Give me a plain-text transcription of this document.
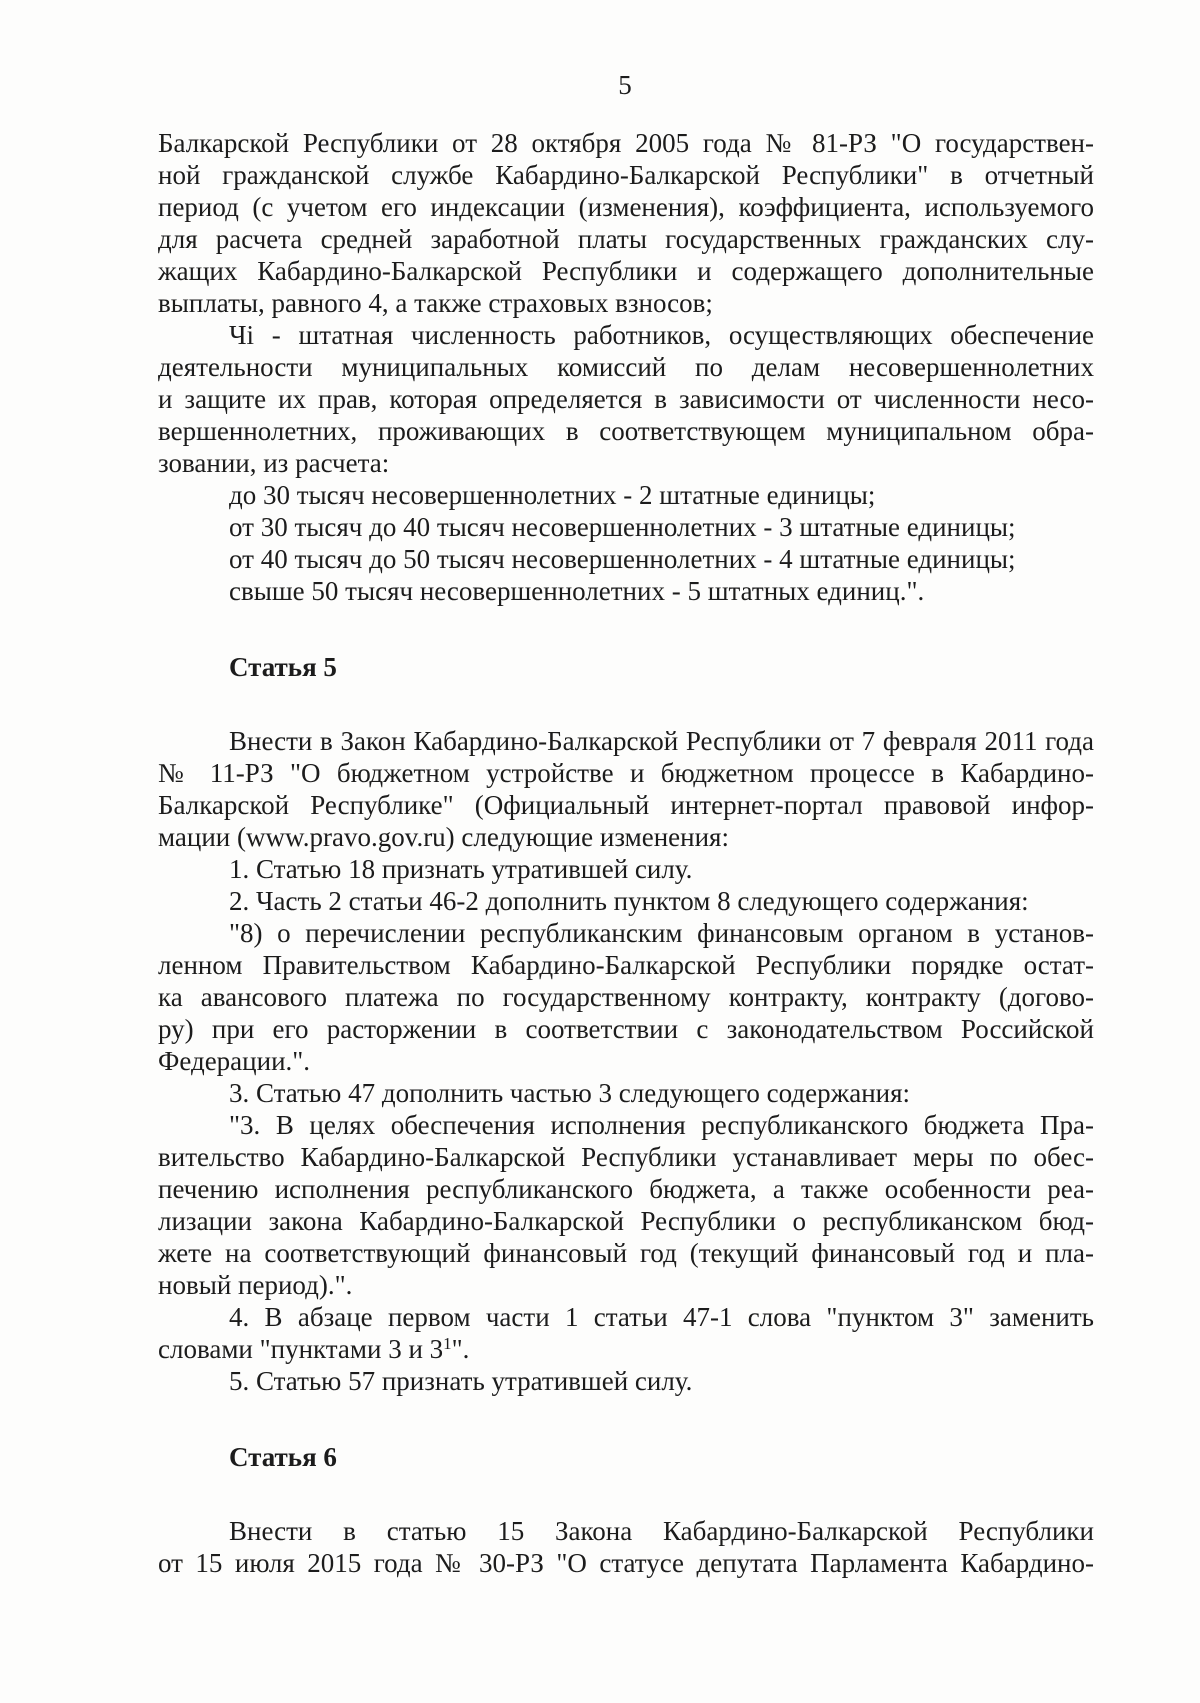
5

Балкарской Республики от 28 октября 2005 года № 81-РЗ "О государствен-

ной гражданской службе Кабардино-Балкарской Республики" в отчетный

период (с учетом его индексации (изменения), коэффициента, используемого

для расчета средней заработной платы государственных гражданских слу-

жащих Кабардино-Балкарской Республики и содержащего дополнительные

выплаты, равного 4, а также страховых взносов;

Чi - штатная численность работников, осуществляющих обеспечение

деятельности муниципальных комиссий по делам несовершеннолетних

и защите их прав, которая определяется в зависимости от численности несо-

вершеннолетних, проживающих в соответствующем муниципальном обра-

зовании, из расчета:

до 30 тысяч несовершеннолетних - 2 штатные единицы;

от 30 тысяч до 40 тысяч несовершеннолетних - 3 штатные единицы;

от 40 тысяч до 50 тысяч несовершеннолетних - 4 штатные единицы;

свыше 50 тысяч несовершеннолетних - 5 штатных единиц.".

Статья 5

Внести в Закон Кабардино-Балкарской Республики от 7 февраля 2011 года

№ 11-РЗ "О бюджетном устройстве и бюджетном процессе в Кабардино-

Балкарской Республике" (Официальный интернет-портал правовой инфор-

мации (www.pravo.gov.ru) следующие изменения:

1. Статью 18 признать утратившей силу.

2. Часть 2 статьи 46-2 дополнить пунктом 8 следующего содержания:

"8) о перечислении республиканским финансовым органом в установ-

ленном Правительством Кабардино-Балкарской Республики порядке остат-

ка авансового платежа по государственному контракту, контракту (догово-

ру) при его расторжении в соответствии с законодательством Российской

Федерации.".

3. Статью 47 дополнить частью 3 следующего содержания:

"3. В целях обеспечения исполнения республиканского бюджета Пра-

вительство Кабардино-Балкарской Республики устанавливает меры по обес-

печению исполнения республиканского бюджета, а также особенности реа-

лизации закона Кабардино-Балкарской Республики о республиканском бюд-

жете на соответствующий финансовый год (текущий финансовый год и пла-

новый период).".

4. В абзаце первом части 1 статьи 47-1 слова "пунктом 3" заменить

словами "пунктами 3 и $3^1$".

5. Статью 57 признать утратившей силу.

Статья 6

Внести в статью 15 Закона Кабардино-Балкарской Республики

от 15 июля 2015 года № 30-РЗ "О статусе депутата Парламента Кабардино-
